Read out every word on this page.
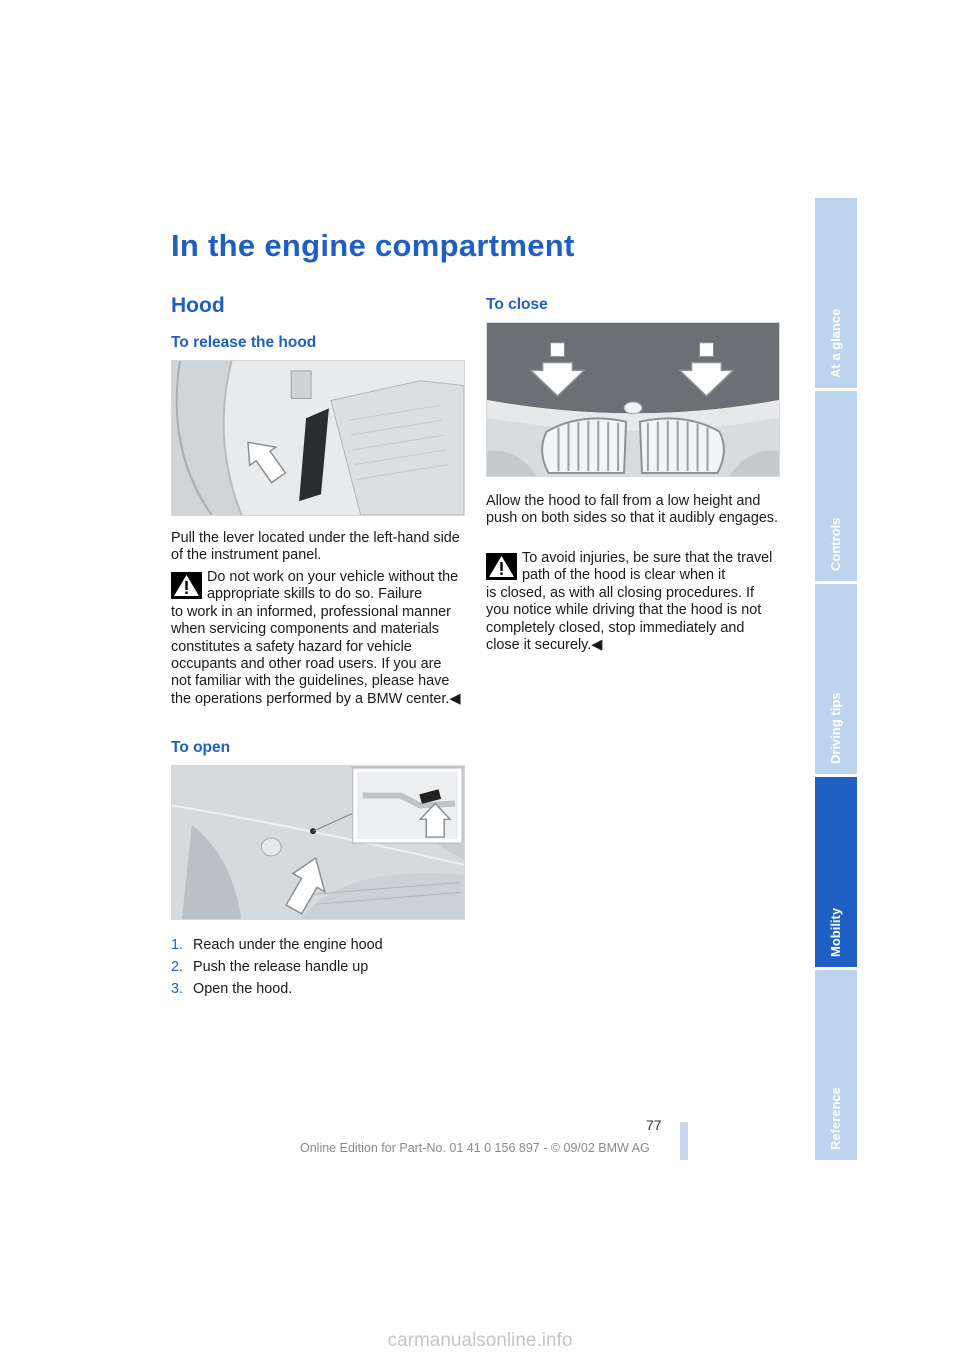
In the engine compartment
Hood
To release the hood
Pull the lever located under the left-hand side of the instrument panel.
Do not work on your vehicle without the appropriate skills to do so. Failure
to work in an informed, professional manner when servicing components and materials constitutes a safety hazard for vehicle occupants and other road users. If you are not familiar with the guidelines, please have the operations performed by a BMW center.◀
To open
1. Reach under the engine hood
2. Push the release handle up
3. Open the hood.
To close
Allow the hood to fall from a low height and push on both sides so that it audibly engages.
To avoid injuries, be sure that the travel path of the hood is clear when it
is closed, as with all closing procedures. If you notice while driving that the hood is not completely closed, stop immediately and close it securely.◀
At a glance
Controls
Driving tips
Mobility
Reference
77
Online Edition for Part-No. 01 41 0 156 897 - © 09/02 BMW AG
carmanualsonline.info
